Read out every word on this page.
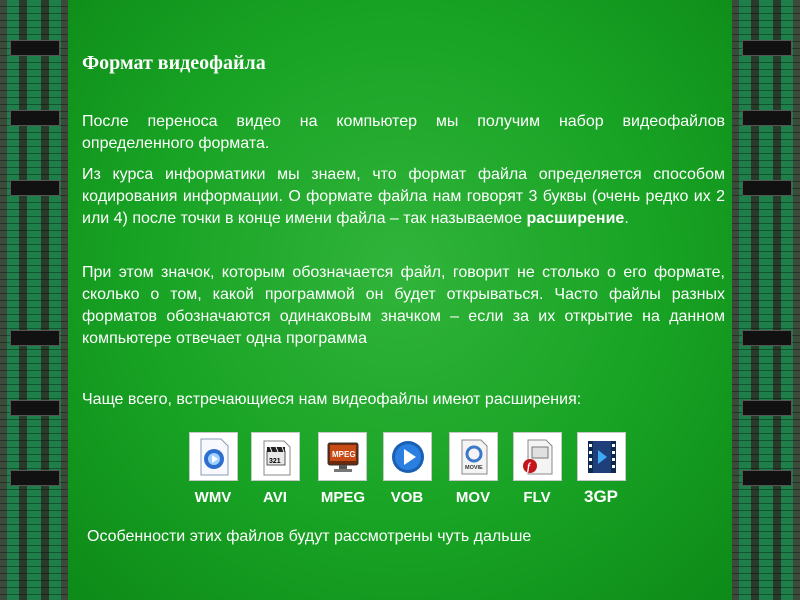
Формат видеофайла

После переноса видео на компьютер мы получим набор видеофайлов определенного формата.

Из курса информатики мы знаем, что формат файла определяется способом кодирования информации. О формате файла нам говорят 3 буквы (очень редко их 2 или 4) после точки в конце имени файла – так называемое расширение.

При этом значок, которым обозначается файл, говорит не столько о его формате, сколько о том, какой программой он будет открываться. Часто файлы разных форматов обозначаются одинаковым значком – если за их открытие на данном компьютере отвечает одна программа

Чаще всего, встречающиеся нам видеофайлы имеют расширения:

WMV
321
AVI
MPEG
MPEG	VOB
MOVIE
MOV
f
FLV	3GP

Особенности этих файлов будут рассмотрены чуть дальше
